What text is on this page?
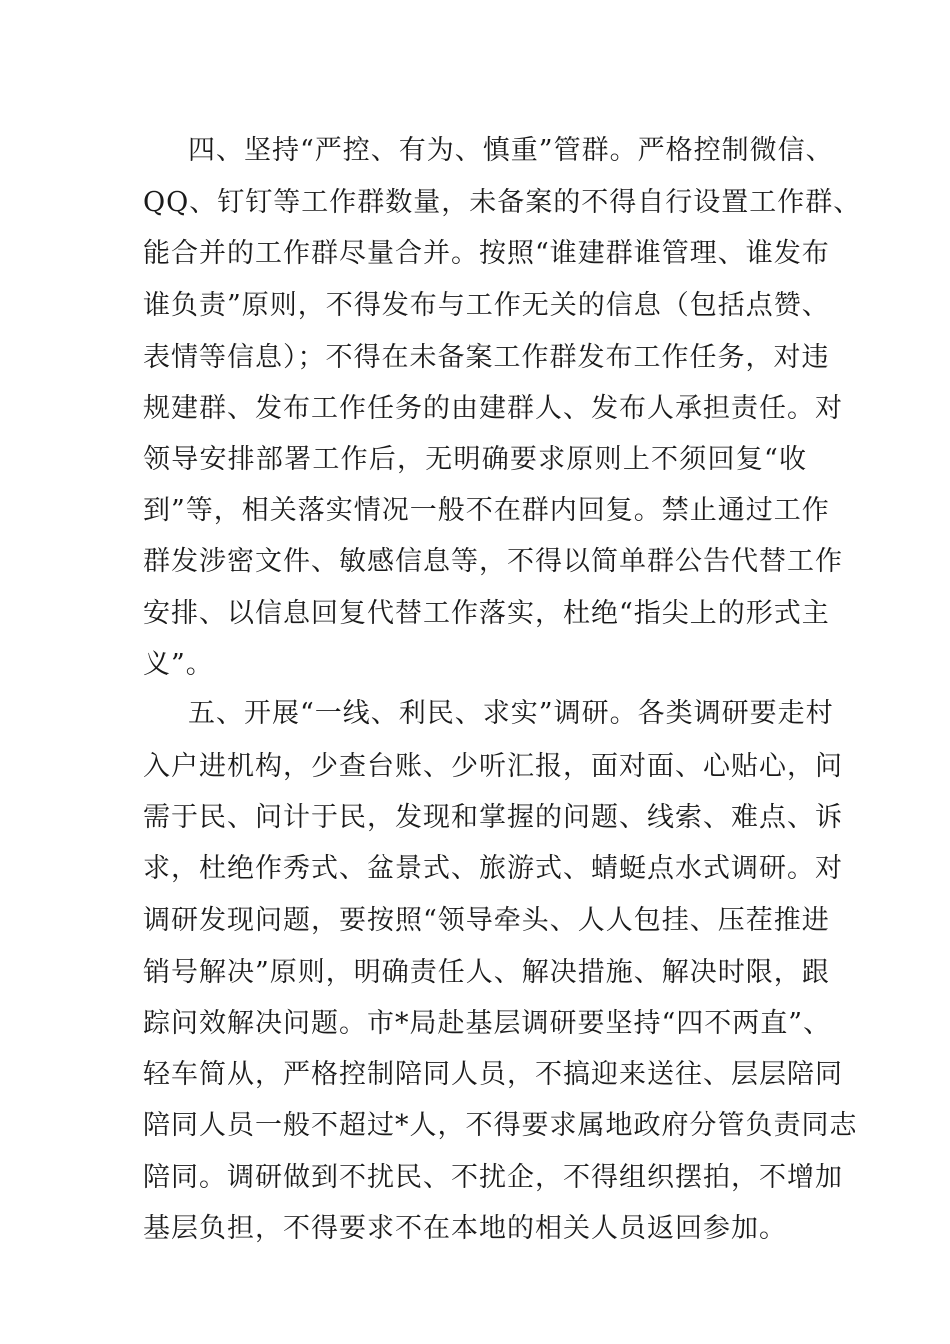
四、坚持“严控、有为、慎重”管群。严格控制微信、
QQ、钉钉等工作群数量，未备案的不得自行设置工作群、
能合并的工作群尽量合并。按照“谁建群谁管理、谁发布
谁负责”原则，不得发布与工作无关的信息（包括点赞、
表情等信息）；不得在未备案工作群发布工作任务，对违
规建群、发布工作任务的由建群人、发布人承担责任。对
领导安排部署工作后，无明确要求原则上不须回复“收
到”等，相关落实情况一般不在群内回复。禁止通过工作
群发涉密文件、敏感信息等，不得以简单群公告代替工作
安排、以信息回复代替工作落实，杜绝“指尖上的形式主
义”。
五、开展“一线、利民、求实”调研。各类调研要走村
入户进机构，少查台账、少听汇报，面对面、心贴心，问
需于民、问计于民，发现和掌握的问题、线索、难点、诉
求，杜绝作秀式、盆景式、旅游式、蜻蜓点水式调研。对
调研发现问题，要按照“领导牵头、人人包挂、压茬推进
销号解决”原则，明确责任人、解决措施、解决时限，跟
踪问效解决问题。市*局赴基层调研要坚持“四不两直”、
轻车简从，严格控制陪同人员，不搞迎来送往、层层陪同
陪同人员一般不超过*人，不得要求属地政府分管负责同志
陪同。调研做到不扰民、不扰企，不得组织摆拍，不增加
基层负担，不得要求不在本地的相关人员返回参加。
